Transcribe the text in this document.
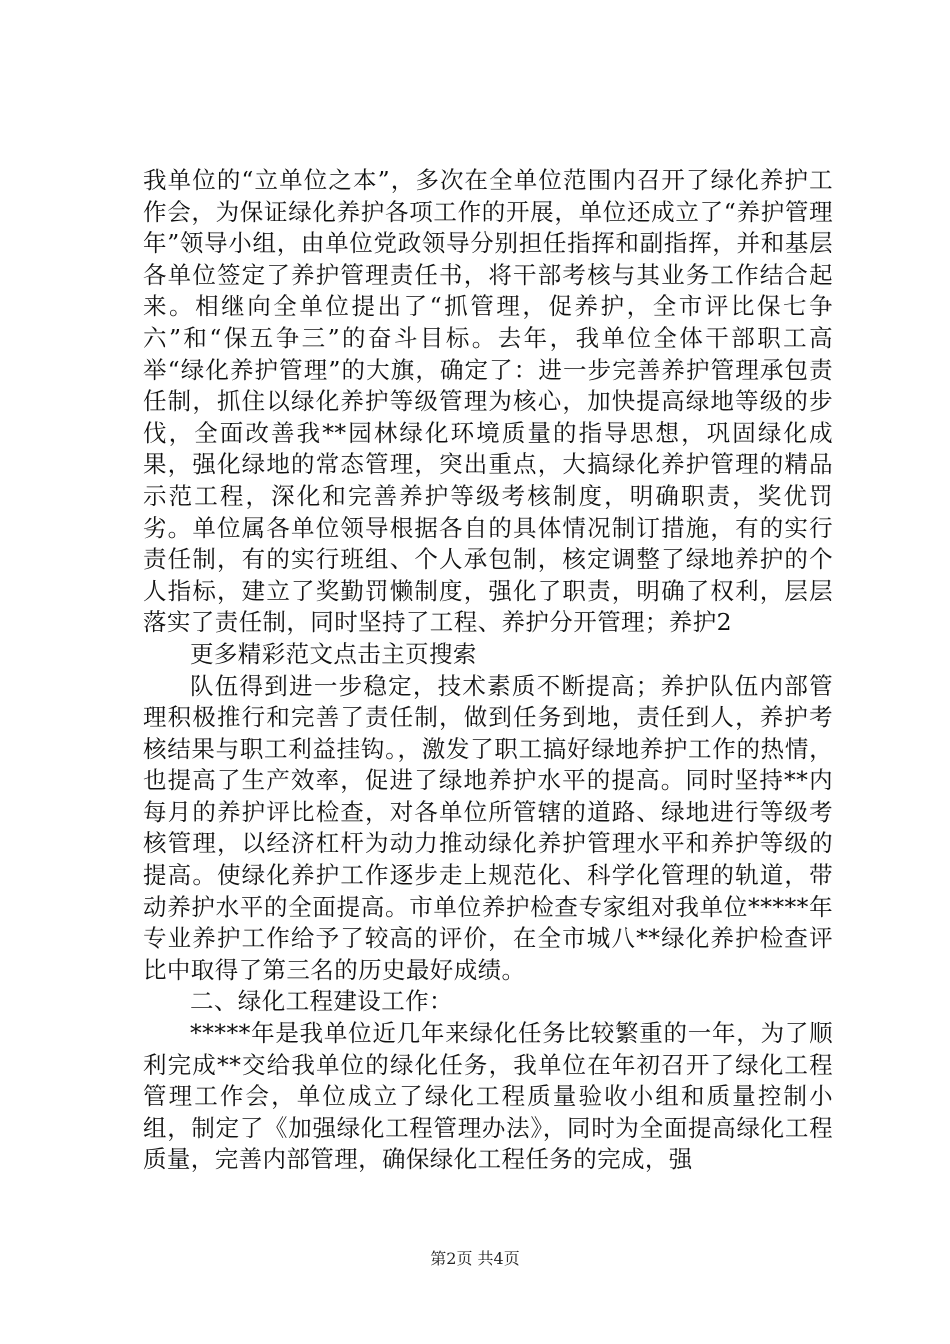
我单位的“立单位之本”，多次在全单位范围内召开了绿化养护工作会，为保证绿化养护各项工作的开展，单位还成立了“养护管理年”领导小组，由单位党政领导分别担任指挥和副指挥，并和基层各单位签定了养护管理责任书，将干部考核与其业务工作结合起来。相继向全单位提出了“抓管理，促养护，全市评比保七争六”和“保五争三”的奋斗目标。去年，我单位全体干部职工高举“绿化养护管理”的大旗，确定了：进一步完善养护管理承包责任制，抓住以绿化养护等级管理为核心，加快提高绿地等级的步伐，全面改善我**园林绿化环境质量的指导思想，巩固绿化成果，强化绿地的常态管理，突出重点，大搞绿化养护管理的精品示范工程，深化和完善养护等级考核制度，明确职责，奖优罚劣。单位属各单位领导根据各自的具体情况制订措施，有的实行责任制，有的实行班组、个人承包制，核定调整了绿地养护的个人指标，建立了奖勤罚懒制度，强化了职责，明确了权利，层层落实了责任制，同时坚持了工程、养护分开管理；养护2

更多精彩范文点击主页搜索

队伍得到进一步稳定，技术素质不断提高；养护队伍内部管理积极推行和完善了责任制，做到任务到地，责任到人，养护考核结果与职工利益挂钩。，激发了职工搞好绿地养护工作的热情，也提高了生产效率，促进了绿地养护水平的提高。同时坚持**内每月的养护评比检查，对各单位所管辖的道路、绿地进行等级考核管理，以经济杠杆为动力推动绿化养护管理水平和养护等级的提高。使绿化养护工作逐步走上规范化、科学化管理的轨道，带动养护水平的全面提高。市单位养护检查专家组对我单位*****年专业养护工作给予了较高的评价，在全市城八**绿化养护检查评比中取得了第三名的历史最好成绩。

二、绿化工程建设工作：

*****年是我单位近几年来绿化任务比较繁重的一年，为了顺利完成**交给我单位的绿化任务，我单位在年初召开了绿化工程管理工作会，单位成立了绿化工程质量验收小组和质量控制小组，制定了《加强绿化工程管理办法》，同时为全面提高绿化工程质量，完善内部管理，确保绿化工程任务的完成，强

第2页 共4页
